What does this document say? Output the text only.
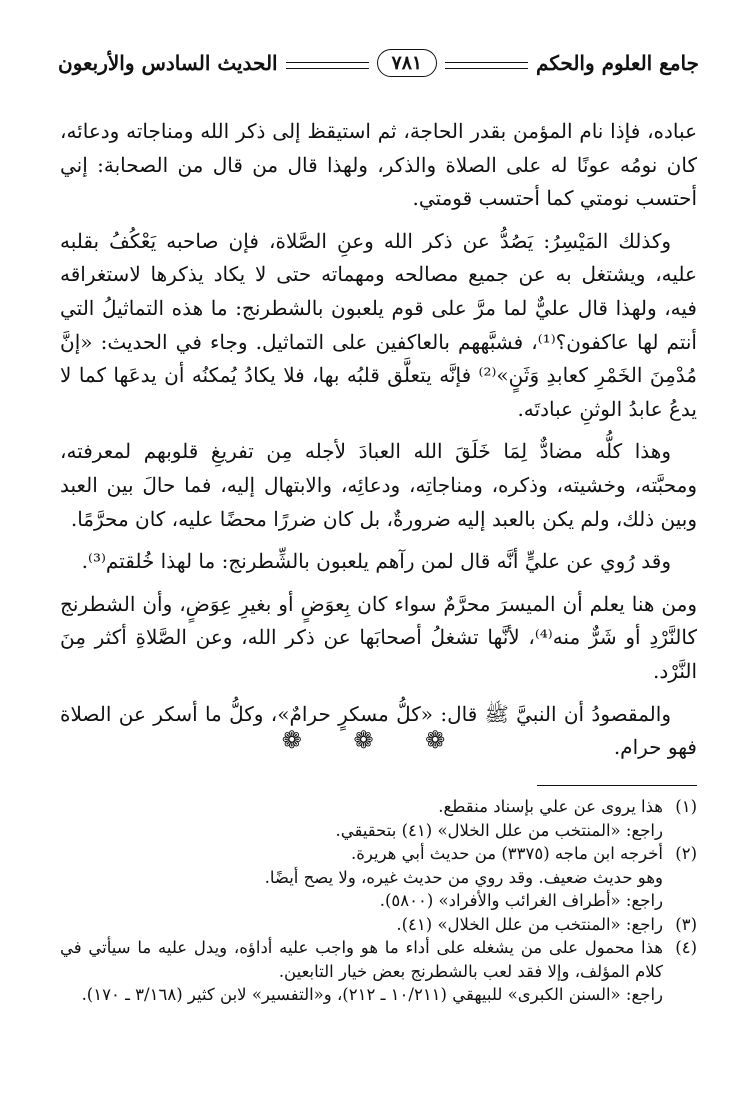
جامع العلوم والحكم
٧٨١
الحديث السادس والأربعون

عباده، فإذا نام المؤمن بقدر الحاجة، ثم استيقظ إلى ذكر الله ومناجاته ودعائه، كان نومُه عونًا له على الصلاة والذكر، ولهذا قال من قال من الصحابة: إني أحتسب نومتي كما أحتسب قومتي.

وكذلك المَيْسِرُ: يَصُدُّ عن ذكر الله وعنِ الصَّلاة، فإن صاحبه يَعْكُفُ بقلبه عليه، ويشتغل به عن جميع مصالحه ومهماته حتى لا يكاد يذكرها لاستغراقه فيه، ولهذا قال عليٌّ لما مرَّ على قوم يلعبون بالشطرنج: ما هذه التماثيلُ التي أنتم لها عاكفون؟⁽¹⁾، فشبَّههم بالعاكفين على التماثيل. وجاء في الحديث: «إنَّ مُدْمِنَ الخَمْرِ كعابدِ وَثَنٍ»⁽²⁾ فإنَّه يتعلَّق قلبُه بها، فلا يكادُ يُمكنُه أن يدعَها كما لا يدعُ عابدُ الوثنِ عبادتَه.

وهذا كلُّه مضادٌّ لِمَا خَلَقَ الله العبادَ لأجله مِن تفريغِ قلوبهم لمعرفته، ومحبَّته، وخشيته، وذكره، ومناجاتِه، ودعائِه، والابتهال إليه، فما حالَ بين العبد وبين ذلك، ولم يكن بالعبد إليه ضرورةٌ، بل كان ضررًا محضًا عليه، كان محرَّمًا.

وقد رُوي عن عليٍّ أنَّه قال لمن رآهم يلعبون بالشِّطرنج: ما لهذا خُلقتم⁽³⁾.

ومن هنا يعلم أن الميسرَ محرَّمٌ سواء كان بِعوَضٍ أو بغيرِ عِوَضٍ، وأن الشطرنج كالنَّرْدِ أو شَرٌّ منه⁽⁴⁾، لأنَّها تشغلُ أصحابَها عن ذكر الله، وعن الصَّلاةِ أكثر مِنَ النَّرْد.

والمقصودُ أن النبيَّ ﷺ قال: «كلُّ مسكرٍ حرامٌ»، وكلُّ ما أسكر عن الصلاة فهو حرام.

❁ ❁ ❁
(١)
هذا يروى عن علي بإسناد منقطع.
راجع: «المنتخب من علل الخلال» (٤١) بتحقيقي.
(٢)
أخرجه ابن ماجه (٣٣٧٥) من حديث أبي هريرة.
وهو حديث ضعيف. وقد روي من حديث غيره، ولا يصح أيضًا.
راجع: «أطراف الغرائب والأفراد» (٥٨٠٠).
(٣)
راجع: «المنتخب من علل الخلال» (٤١).
(٤)
هذا محمول على من يشغله على أداء ما هو واجب عليه أداؤه، ويدل عليه ما سيأتي في كلام المؤلف، وإلا فقد لعب بالشطرنج بعض خيار التابعين.
راجع: «السنن الكبرى» للبيهقي (١٠/٢١١ ـ ٢١٢)، و«التفسير» لابن كثير (٣/١٦٨ ـ ١٧٠).
